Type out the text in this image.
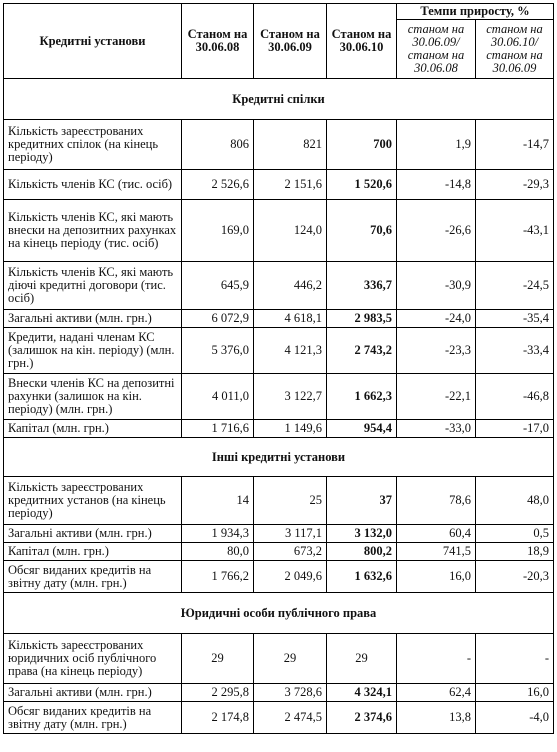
Кредитні установи	Станом на 30.06.08	Станом на 30.06.09	Станом на 30.06.10	Темпи приросту, %	
				станом на 30.06.09/ станом на 30.06.08	станом на 30.06.10/ станом на 30.06.09
Кредитні спілки					
Кількість зареєстрованих кредитних спілок (на кінець періоду)	806	821	700	1,9	-14,7
Кількість членів КС (тис. осіб)	2 526,6	2 151,6	1 520,6	-14,8	-29,3
Кількість членів КС, які мають внески на депозитних рахунках на кінець періоду (тис. осіб)	169,0	124,0	70,6	-26,6	-43,1
Кількість членів КС, які мають діючі кредитні договори (тис. осіб)	645,9	446,2	336,7	-30,9	-24,5
Загальні активи (млн. грн.)	6 072,9	4 618,1	2 983,5	-24,0	-35,4
Кредити, надані членам КС (залишок на кін. періоду) (млн. грн.)	5 376,0	4 121,3	2 743,2	-23,3	-33,4
Внески членів КС на депозитні рахунки (залишок на кін. періоду) (млн. грн.)	4 011,0	3 122,7	1 662,3	-22,1	-46,8
Капітал (млн. грн.)	1 716,6	1 149,6	954,4	-33,0	-17,0
Інші кредитні установи					
Кількість зареєстрованих кредитних установ (на кінець періоду)	14	25	37	78,6	48,0
Загальні активи (млн. грн.)	1 934,3	3 117,1	3 132,0	60,4	0,5
Капітал (млн. грн.)	80,0	673,2	800,2	741,5	18,9
Обсяг виданих кредитів на звітну дату (млн. грн.)	1 766,2	2 049,6	1 632,6	16,0	-20,3
Юридичні особи публічного права					
Кількість зареєстрованих юридичних осіб публічного права (на кінець періоду)	29	29	29	-	-
Загальні активи (млн. грн.)	2 295,8	3 728,6	4 324,1	62,4	16,0
Обсяг виданих кредитів на звітну дату (млн. грн.)	2 174,8	2 474,5	2 374,6	13,8	-4,0
